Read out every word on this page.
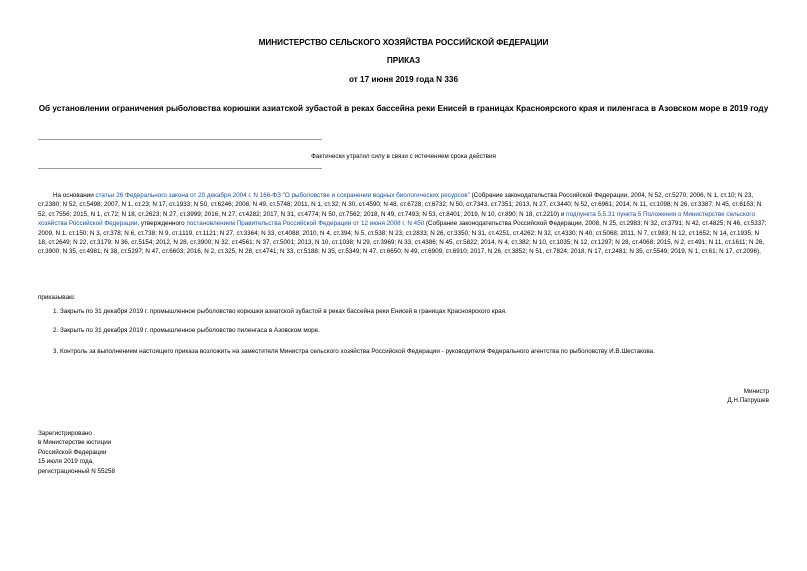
МИНИСТЕРСТВО СЕЛЬСКОГО ХОЗЯЙСТВА РОССИЙСКОЙ ФЕДЕРАЦИИ
ПРИКАЗ
от 17 июня 2019 года N 336
Об установлении ограничения рыболовства корюшки азиатской зубастой в реках бассейна реки Енисей в границах Красноярского края и пиленгаса в Азовском море в 2019 году
Фактически утратил силу в связи с истечением срока действия

На основании статьи 26 Федерального закона от 20 декабря 2004 г. N 166-ФЗ "О рыболовстве и сохранении водных биологических ресурсов" (Собрание законодательства Российской Федерации, 2004, N 52, ст.5270; 2006, N 1, ст.10; N 23, ст.2380; N 52, ст.5498; 2007, N 1, ст.23; N 17, ст.1933; N 50, ст.6246; 2008, N 49, ст.5748; 2011, N 1, ст.32; N 30, ст.4590; N 48, ст.6728; ст.6732; N 50, ст.7343, ст.7351; 2013, N 27, ст.3440; N 52, ст.6961; 2014, N 11, ст.1098; N 26, ст.3387; N 45, ст.6153; N 52, ст.7556; 2015, N 1, ст.72; N 18, ст.2623; N 27, ст.3999; 2016, N 27, ст.4282; 2017, N 31, ст.4774; N 50, ст.7562; 2018, N 49, ст.7493; N 53, ст.8401; 2019, N 10, ст.890; N 18, ст.2210) и подпункта 5.5.31 пункта 5 Положения о Министерстве сельского хозяйства Российской Федерации, утвержденного постановлением Правительства Российской Федерации от 12 июня 2008 г. N 450 (Собрание законодательства Российской Федерации, 2008, N 25, ст.2983; N 32, ст.3791; N 42, ст.4825; N 46, ст.5337; 2009, N 1, ст.150; N 3, ст.378; N 6, ст.738; N 9, ст.1119, ст.1121; N 27, ст.3364; N 33, ст.4088; 2010, N 4, ст.394; N 5, ст.538; N 23, ст.2833; N 26, ст.3350; N 31, ст.4251, ст.4262; N 32, ст.4330; N 40, ст.5068; 2011, N 7, ст.983; N 12, ст.1652; N 14, ст.1935; N 18, ст.2649; N 22, ст.3179; N 36, ст.5154; 2012, N 28, ст.3900; N 32, ст.4561; N 37, ст.5001; 2013, N 10, ст.1038; N 29, ст.3969; N 33, ст.4386; N 45, ст.5822; 2014, N 4, ст.382; N 10, ст.1035; N 12, ст.1297; N 28, ст.4068; 2015, N 2, ст.491; N 11, ст.1611; N 26, ст.3900; N 35, ст.4981; N 38, ст.5297; N 47, ст.6603; 2016, N 2, ст.325, N 28, ст.4741; N 33, ст.5188; N 35, ст.5349; N 47, ст.6650; N 49, ст.6909, ст.6910; 2017, N 26, ст.3852; N 51, ст.7824; 2018, N 17, ст.2481; N 35, ст.5549; 2019, N 1, ст.61; N 17, ст.2096),

приказываю:
1. Закрыть по 31 декабря 2019 г. промышленное рыболовство корюшки азиатской зубастой в реках бассейна реки Енисей в границах Красноярского края.
2. Закрыть по 31 декабря 2019 г. промышленное рыболовство пиленгаса в Азовском море.
3. Контроль за выполнением настоящего приказа возложить на заместителя Министра сельского хозяйства Российской Федерации - руководителя Федерального агентства по рыболовству И.В.Шестакова.
Министр
Д.Н.Патрушев
Зарегистрировано
в Министерстве юстиции
Российской Федерации
15 июля 2019 года,
регистрационный N 55258
